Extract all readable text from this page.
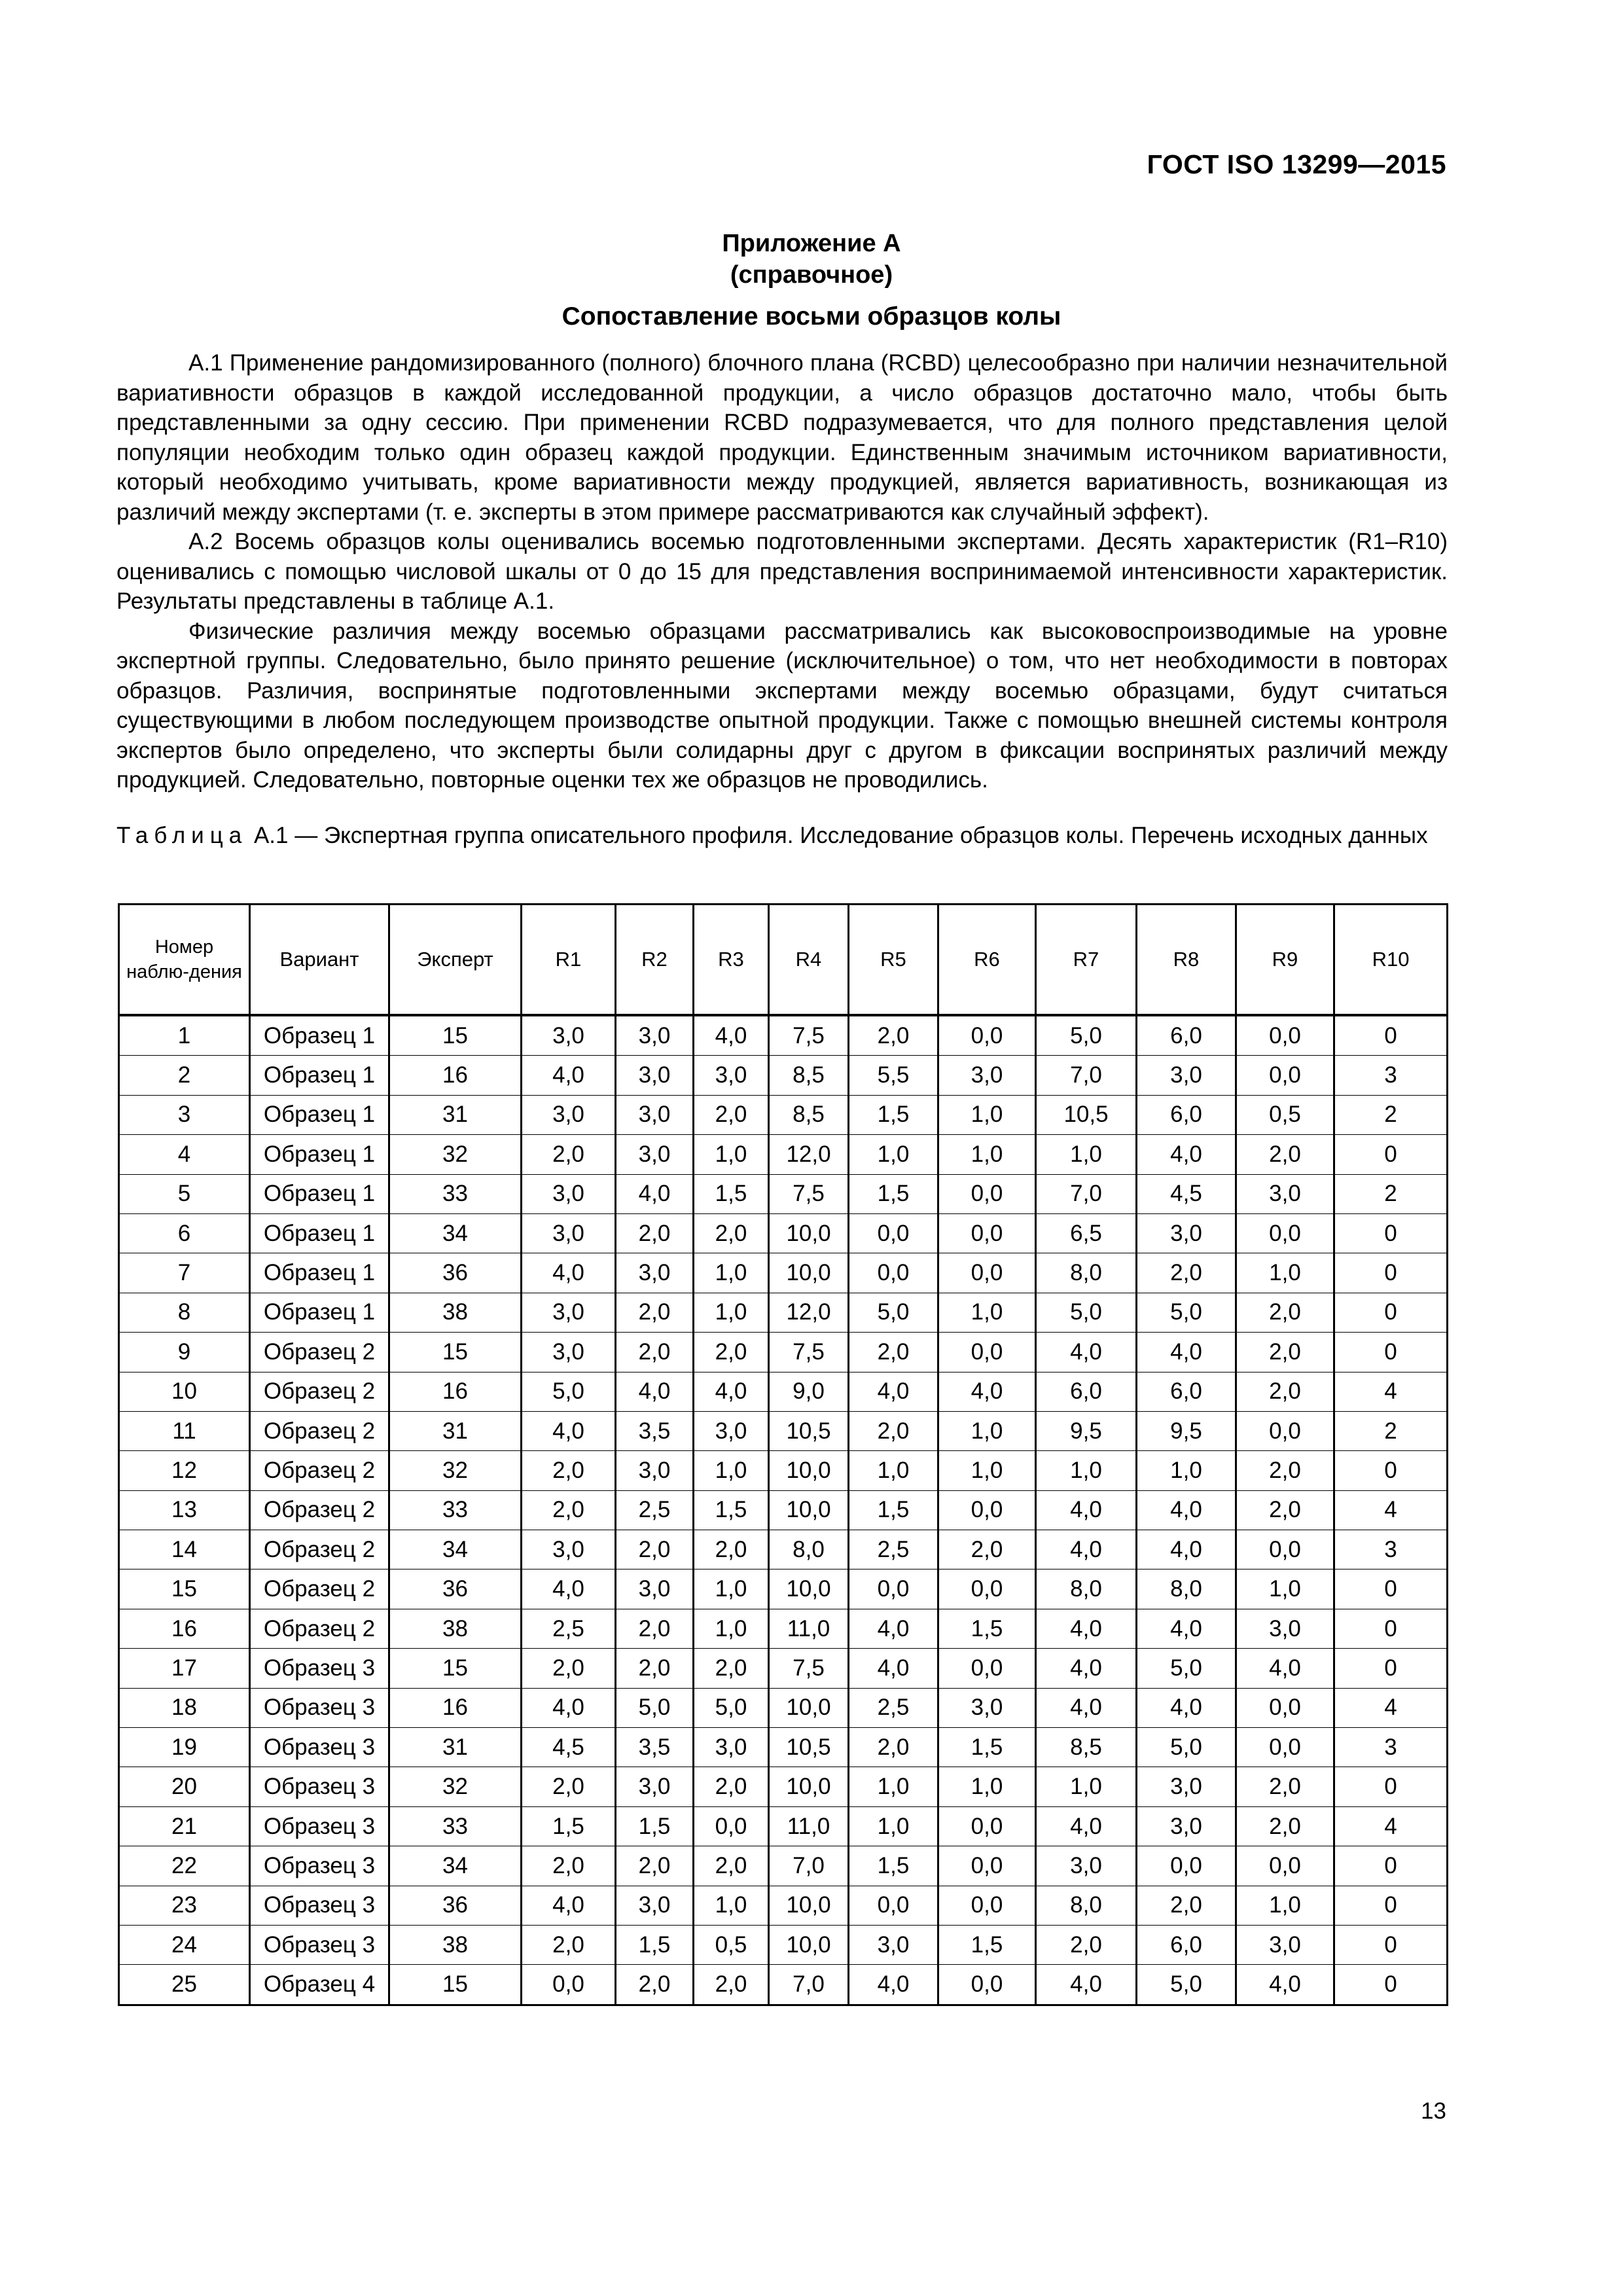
ГОСТ ISO 13299—2015
Приложение А
(справочное)
Сопоставление восьми образцов колы

А.1 Применение рандомизированного (полного) блочного плана (RCBD) целесообразно при наличии незначительной вариативности образцов в каждой исследованной продукции, а число образцов достаточно мало, чтобы быть представленными за одну сессию. При применении RCBD подразумевается, что для полного представления целой популяции необходим только один образец каждой продукции. Единственным значимым источником вариативности, который необходимо учитывать, кроме вариативности между продукцией, является вариативность, возникающая из различий между экспертами (т. е. эксперты в этом примере рассматриваются как случайный эффект).

А.2 Восемь образцов колы оценивались восемью подготовленными экспертами. Десять характеристик (R1–R10) оценивались с помощью числовой шкалы от 0 до 15 для представления воспринимаемой интенсивности характеристик. Результаты представлены в таблице А.1.

Физические различия между восемью образцами рассматривались как высоковоспроизводимые на уровне экспертной группы. Следовательно, было принято решение (исключительное) о том, что нет необходимости в повторах образцов. Различия, воспринятые подготовленными экспертами между восемью образцами, будут считаться существующими в любом последующем производстве опытной продукции. Также с помощью внешней системы контроля экспертов было определено, что эксперты были солидарны друг с другом в фиксации воспринятых различий между продукцией. Следовательно, повторные оценки тех же образцов не проводились.

Таблица А.1 — Экспертная группа описательного профиля. Исследование образцов колы. Перечень исходных данных
Номер наблю-дения	Вариант	Эксперт	R1	R2	R3	R4	R5	R6	R7	R8	R9	R10
1	Образец 1	15	3,0	3,0	4,0	7,5	2,0	0,0	5,0	6,0	0,0	0
2	Образец 1	16	4,0	3,0	3,0	8,5	5,5	3,0	7,0	3,0	0,0	3
3	Образец 1	31	3,0	3,0	2,0	8,5	1,5	1,0	10,5	6,0	0,5	2
4	Образец 1	32	2,0	3,0	1,0	12,0	1,0	1,0	1,0	4,0	2,0	0
5	Образец 1	33	3,0	4,0	1,5	7,5	1,5	0,0	7,0	4,5	3,0	2
6	Образец 1	34	3,0	2,0	2,0	10,0	0,0	0,0	6,5	3,0	0,0	0
7	Образец 1	36	4,0	3,0	1,0	10,0	0,0	0,0	8,0	2,0	1,0	0
8	Образец 1	38	3,0	2,0	1,0	12,0	5,0	1,0	5,0	5,0	2,0	0
9	Образец 2	15	3,0	2,0	2,0	7,5	2,0	0,0	4,0	4,0	2,0	0
10	Образец 2	16	5,0	4,0	4,0	9,0	4,0	4,0	6,0	6,0	2,0	4
11	Образец 2	31	4,0	3,5	3,0	10,5	2,0	1,0	9,5	9,5	0,0	2
12	Образец 2	32	2,0	3,0	1,0	10,0	1,0	1,0	1,0	1,0	2,0	0
13	Образец 2	33	2,0	2,5	1,5	10,0	1,5	0,0	4,0	4,0	2,0	4
14	Образец 2	34	3,0	2,0	2,0	8,0	2,5	2,0	4,0	4,0	0,0	3
15	Образец 2	36	4,0	3,0	1,0	10,0	0,0	0,0	8,0	8,0	1,0	0
16	Образец 2	38	2,5	2,0	1,0	11,0	4,0	1,5	4,0	4,0	3,0	0
17	Образец 3	15	2,0	2,0	2,0	7,5	4,0	0,0	4,0	5,0	4,0	0
18	Образец 3	16	4,0	5,0	5,0	10,0	2,5	3,0	4,0	4,0	0,0	4
19	Образец 3	31	4,5	3,5	3,0	10,5	2,0	1,5	8,5	5,0	0,0	3
20	Образец 3	32	2,0	3,0	2,0	10,0	1,0	1,0	1,0	3,0	2,0	0
21	Образец 3	33	1,5	1,5	0,0	11,0	1,0	0,0	4,0	3,0	2,0	4
22	Образец 3	34	2,0	2,0	2,0	7,0	1,5	0,0	3,0	0,0	0,0	0
23	Образец 3	36	4,0	3,0	1,0	10,0	0,0	0,0	8,0	2,0	1,0	0
24	Образец 3	38	2,0	1,5	0,5	10,0	3,0	1,5	2,0	6,0	3,0	0
25	Образец 4	15	0,0	2,0	2,0	7,0	4,0	0,0	4,0	5,0	4,0	0
13
